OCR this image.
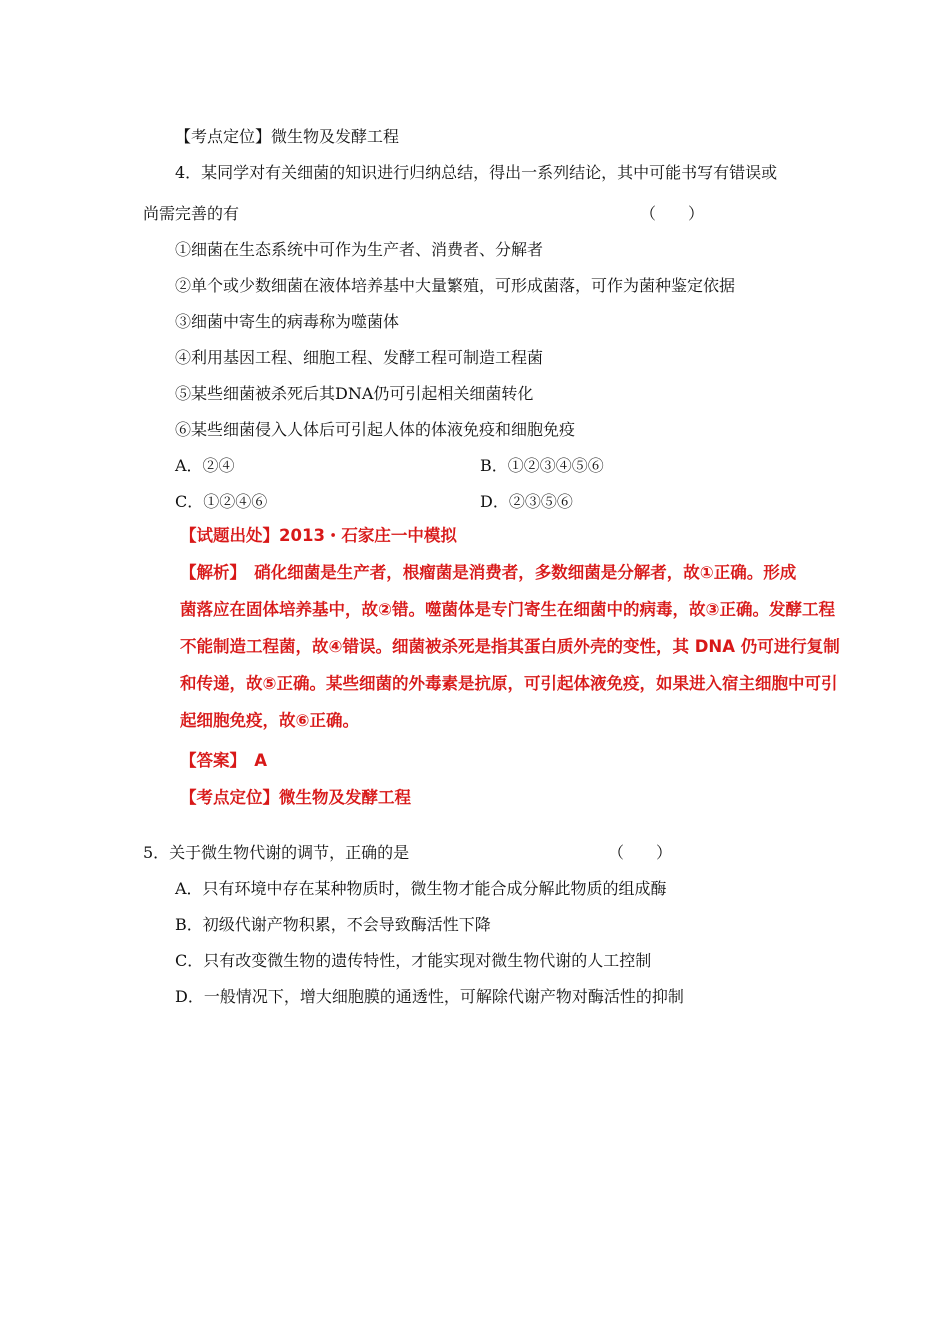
【考点定位】微生物及发酵工程
4．某同学对有关细菌的知识进行归纳总结，得出一系列结论，其中可能书写有错误或
尚需完善的有	（　　）
①细菌在生态系统中可作为生产者、消费者、分解者
②单个或少数细菌在液体培养基中大量繁殖，可形成菌落，可作为菌种鉴定依据
③细菌中寄生的病毒称为噬菌体
④利用基因工程、细胞工程、发酵工程可制造工程菌
⑤某些细菌被杀死后其DNA仍可引起相关细菌转化
⑥某些细菌侵入人体后可引起人体的体液免疫和细胞免疫
A．②④	B．①②③④⑤⑥
C．①②④⑥	D．②③⑤⑥
【试题出处】2013・石家庄一中模拟
【解析】　硝化细菌是生产者，根瘤菌是消费者，多数细菌是分解者，故①正确。形成
菌落应在固体培养基中，故②错。噬菌体是专门寄生在细菌中的病毒，故③正确。发酵工程
不能制造工程菌，故④错误。细菌被杀死是指其蛋白质外壳的变性，其 DNA 仍可进行复制
和传递，故⑤正确。某些细菌的外毒素是抗原，可引起体液免疫，如果进入宿主细胞中可引
起细胞免疫，故⑥正确。
【答案】　A
【考点定位】微生物及发酵工程
5．关于微生物代谢的调节，正确的是	（　　）
A．只有环境中存在某种物质时，微生物才能合成分解此物质的组成酶
B．初级代谢产物积累，不会导致酶活性下降
C．只有改变微生物的遗传特性，才能实现对微生物代谢的人工控制
D．一般情况下，增大细胞膜的通透性，可解除代谢产物对酶活性的抑制
